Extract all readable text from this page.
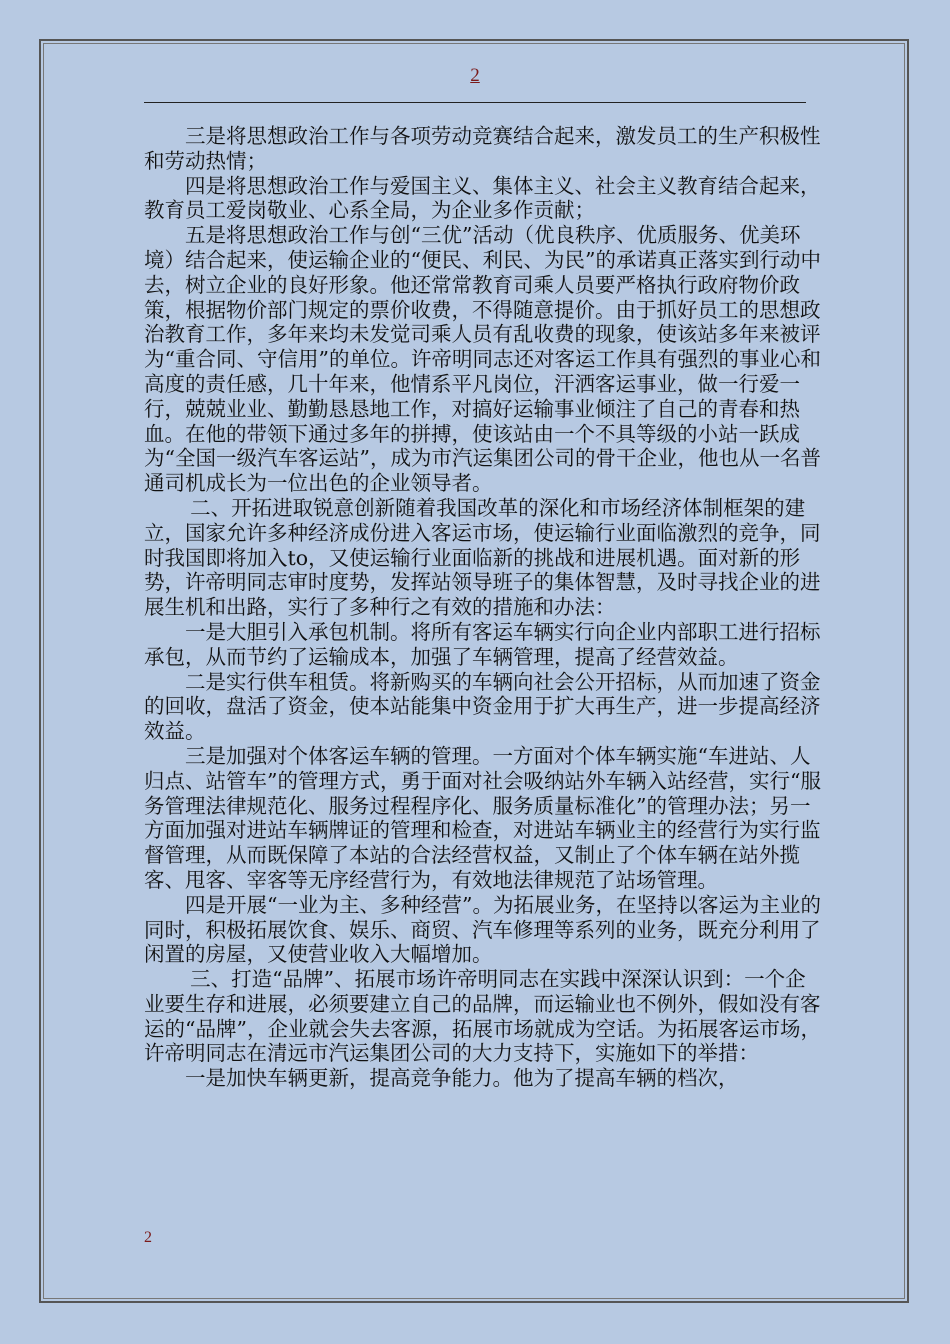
2

三是将思想政治工作与各项劳动竞赛结合起来，激发员工的生产积极性和劳动热情；

四是将思想政治工作与爱国主义、集体主义、社会主义教育结合起来，教育员工爱岗敬业、心系全局，为企业多作贡献；

五是将思想政治工作与创“三优”活动（优良秩序、优质服务、优美环境）结合起来，使运输企业的“便民、利民、为民”的承诺真正落实到行动中去，树立企业的良好形象。他还常常教育司乘人员要严格执行政府物价政策，根据物价部门规定的票价收费，不得随意提价。由于抓好员工的思想政治教育工作，多年来均未发觉司乘人员有乱收费的现象，使该站多年来被评为“重合同、守信用”的单位。许帝明同志还对客运工作具有强烈的事业心和高度的责任感，几十年来，他情系平凡岗位，汗洒客运事业，做一行爱一行，兢兢业业、勤勤恳恳地工作，对搞好运输事业倾注了自己的青春和热血。在他的带领下通过多年的拼搏，使该站由一个不具等级的小站一跃成为“全国一级汽车客运站”，成为市汽运集团公司的骨干企业，他也从一名普通司机成长为一位出色的企业领导者。

二、开拓进取锐意创新随着我国改革的深化和市场经济体制框架的建立，国家允许多种经济成份进入客运市场，使运输行业面临激烈的竞争，同时我国即将加入to，又使运输行业面临新的挑战和进展机遇。面对新的形势，许帝明同志审时度势，发挥站领导班子的集体智慧，及时寻找企业的进展生机和出路，实行了多种行之有效的措施和办法：

一是大胆引入承包机制。将所有客运车辆实行向企业内部职工进行招标承包，从而节约了运输成本，加强了车辆管理，提高了经营效益。

二是实行供车租赁。将新购买的车辆向社会公开招标，从而加速了资金的回收，盘活了资金，使本站能集中资金用于扩大再生产，进一步提高经济效益。

三是加强对个体客运车辆的管理。一方面对个体车辆实施“车进站、人归点、站管车”的管理方式，勇于面对社会吸纳站外车辆入站经营，实行“服务管理法律规范化、服务过程程序化、服务质量标准化”的管理办法；另一方面加强对进站车辆牌证的管理和检查，对进站车辆业主的经营行为实行监督管理，从而既保障了本站的合法经营权益，又制止了个体车辆在站外揽客、甩客、宰客等无序经营行为，有效地法律规范了站场管理。

四是开展“一业为主、多种经营”。为拓展业务，在坚持以客运为主业的同时，积极拓展饮食、娱乐、商贸、汽车修理等系列的业务，既充分利用了闲置的房屋，又使营业收入大幅增加。

三、打造“品牌”、拓展市场许帝明同志在实践中深深认识到：一个企业要生存和进展，必须要建立自己的品牌，而运输业也不例外，假如没有客运的“品牌”，企业就会失去客源，拓展市场就成为空话。为拓展客运市场，许帝明同志在清远市汽运集团公司的大力支持下，实施如下的举措：

一是加快车辆更新，提高竞争能力。他为了提高车辆的档次，

2
